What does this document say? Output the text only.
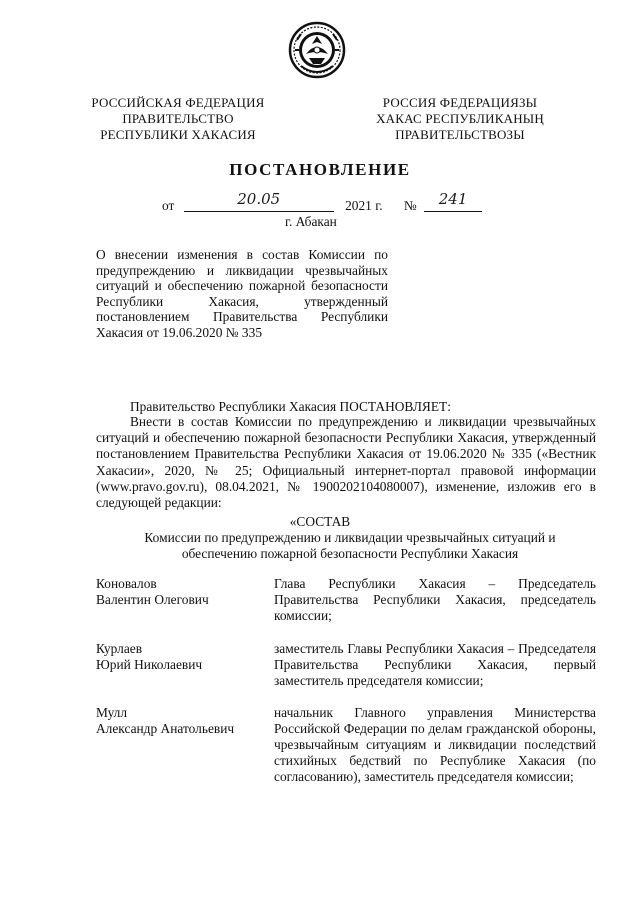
РОССИЙСКАЯ ФЕДЕРАЦИЯ
ПРАВИТЕЛЬСТВО
РЕСПУБЛИКИ ХАКАСИЯ
РОССИЯ ФЕДЕРАЦИЯЗЫ
ХАКАС РЕСПУБЛИКАНЫҢ
ПРАВИТЕЛЬСТВОЗЫ
ПОСТАНОВЛЕНИЕ
от	20.05	2021 г. № 241
г. Абакан

О внесении изменения в состав Комиссии по предупреждению и ликвидации чрезвычайных ситуаций и обеспечению пожарной безопасности Республики Хакасия, утвержденный постановлением Правительства Республики Хакасия от 19.06.2020 № 335

Правительство Республики Хакасия ПОСТАНОВЛЯЕТ:

Внести в состав Комиссии по предупреждению и ликвидации чрезвычайных ситуаций и обеспечению пожарной безопасности Республики Хакасия, утвержденный постановлением Правительства Республики Хакасия от 19.06.2020 № 335 («Вестник Хакасии», 2020, № 25; Официальный интернет-портал правовой информации (www.pravo.gov.ru), 08.04.2021, № 1900202104080007), изменение, изложив его в следующей редакции:

«СОСТАВ
Комиссии по предупреждению и ликвидации чрезвычайных ситуаций и обеспечению пожарной безопасности Республики Хакасия
Коновалов
Валентин Олегович
Глава Республики Хакасия – Председатель Правительства Республики Хакасия, председатель комиссии;
Курлаев
Юрий Николаевич
заместитель Главы Республики Хакасия – Председателя Правительства Республики Хакасия, первый заместитель председателя комиссии;
Мулл
Александр Анатольевич
начальник Главного управления Министерства Российской Федерации по делам гражданской обороны, чрезвычайным ситуациям и ликвидации последствий стихийных бедствий по Республике Хакасия (по согласованию), заместитель председателя комиссии;
